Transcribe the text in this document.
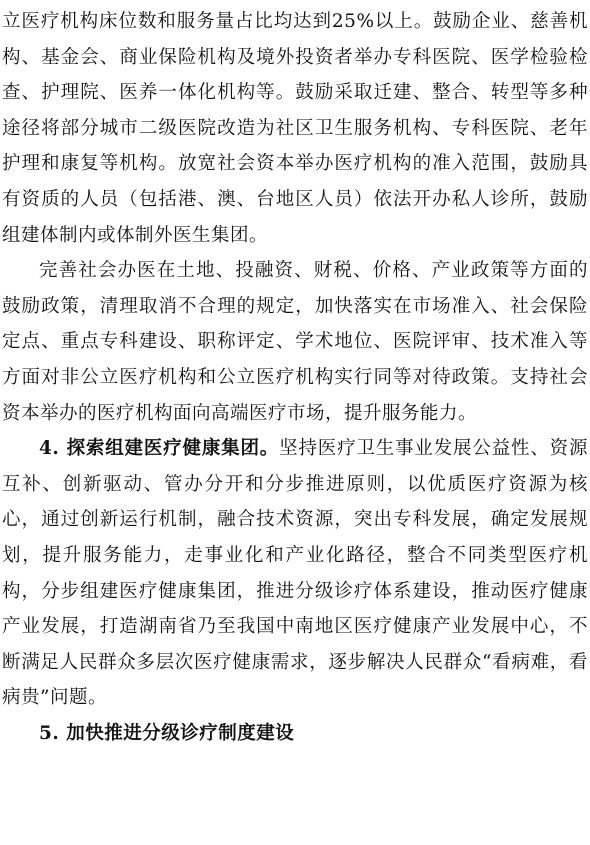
立医疗机构床位数和服务量占比均达到25%以上。鼓励企业、慈善机构、基金会、商业保险机构及境外投资者举办专科医院、医学检验检查、护理院、医养一体化机构等。鼓励采取迁建、整合、转型等多种途径将部分城市二级医院改造为社区卫生服务机构、专科医院、老年护理和康复等机构。放宽社会资本举办医疗机构的准入范围，鼓励具有资质的人员（包括港、澳、台地区人员）依法开办私人诊所，鼓励组建体制内或体制外医生集团。

完善社会办医在土地、投融资、财税、价格、产业政策等方面的鼓励政策，清理取消不合理的规定，加快落实在市场准入、社会保险定点、重点专科建设、职称评定、学术地位、医院评审、技术准入等方面对非公立医疗机构和公立医疗机构实行同等对待政策。支持社会资本举办的医疗机构面向高端医疗市场，提升服务能力。

4. 探索组建医疗健康集团。坚持医疗卫生事业发展公益性、资源互补、创新驱动、管办分开和分步推进原则，以优质医疗资源为核心，通过创新运行机制，融合技术资源，突出专科发展，确定发展规划，提升服务能力，走事业化和产业化路径，整合不同类型医疗机构，分步组建医疗健康集团，推进分级诊疗体系建设，推动医疗健康产业发展，打造湖南省乃至我国中南地区医疗健康产业发展中心，不断满足人民群众多层次医疗健康需求，逐步解决人民群众“看病难，看病贵”问题。

5. 加快推进分级诊疗制度建设
